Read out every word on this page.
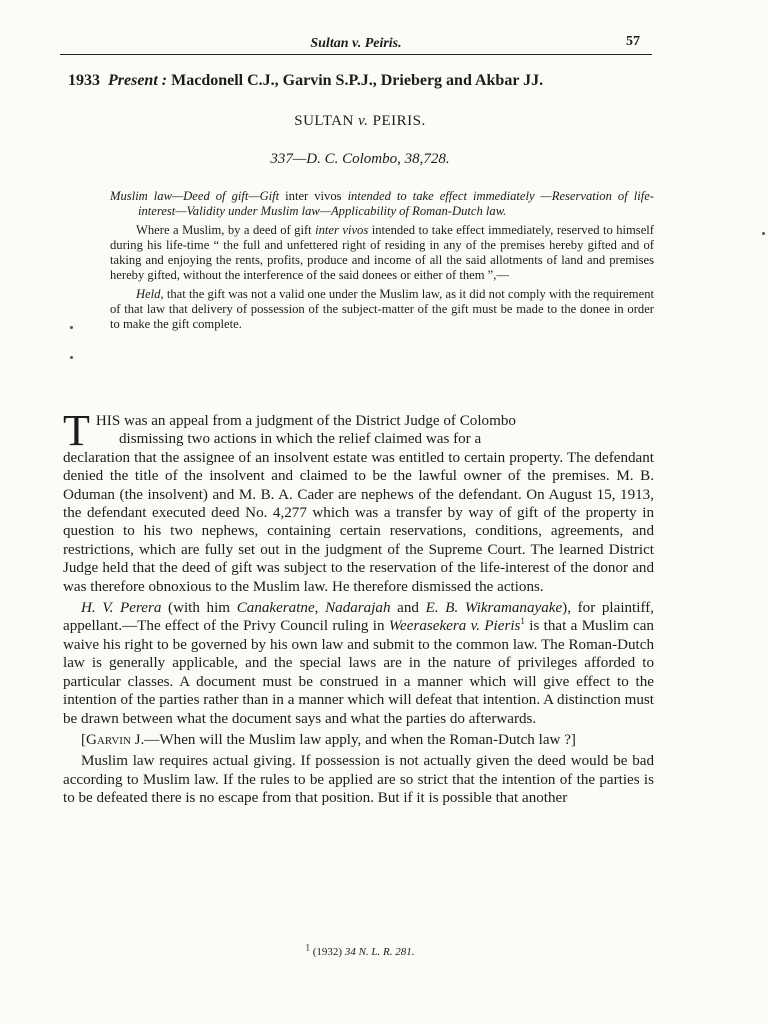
Sultan v. Peiris.	57
1933 Present : Macdonell C.J., Garvin S.P.J., Drieberg and Akbar JJ.
SULTAN v. PEIRIS.
337—D. C. Colombo, 38,728.

Muslim law—Deed of gift—Gift inter vivos intended to take effect immediately —Reservation of life-interest—Validity under Muslim law—Applicability of Roman-Dutch law.

Where a Muslim, by a deed of gift inter vivos intended to take effect immediately, reserved to himself during his life-time “ the full and unfettered right of residing in any of the premises hereby gifted and of taking and enjoying the rents, profits, produce and income of all the said allotments of land and premises hereby gifted, without the interference of the said donees or either of them ”,—

Held, that the gift was not a valid one under the Muslim law, as it did not comply with the requirement of that law that delivery of possession of the subject-matter of the gift must be made to the donee in order to make the gift complete.

THIS was an appeal from a judgment of the District Judge of Colombo
dismissing two actions in which the relief claimed was for a
declaration that the assignee of an insolvent estate was entitled to certain property. The defendant denied the title of the insolvent and claimed to be the lawful owner of the premises. M. B. Oduman (the insolvent) and M. B. A. Cader are nephews of the defendant. On August 15, 1913, the defendant executed deed No. 4,277 which was a transfer by way of gift of the property in question to his two nephews, containing certain reservations, conditions, agreements, and restrictions, which are fully set out in the judgment of the Supreme Court. The learned District Judge held that the deed of gift was subject to the reservation of the life-interest of the donor and was therefore obnoxious to the Muslim law. He therefore dismissed the actions.

H. V. Perera (with him Canakeratne, Nadarajah and E. B. Wikramanayake), for plaintiff, appellant.—The effect of the Privy Council ruling in Weerasekera v. Pieris$^1$ is that a Muslim can waive his right to be governed by his own law and submit to the common law. The Roman-Dutch law is generally applicable, and the special laws are in the nature of privileges afforded to particular classes. A document must be construed in a manner which will give effect to the intention of the parties rather than in a manner which will defeat that intention. A distinction must be drawn between what the document says and what the parties do afterwards.

[Garvin J.—When will the Muslim law apply, and when the Roman-Dutch law ?]

Muslim law requires actual giving. If possession is not actually given the deed would be bad according to Muslim law. If the rules to be applied are so strict that the intention of the parties is to be defeated there is no escape from that position. But if it is possible that another

$^1$ (1932) 34 N. L. R. 281.
